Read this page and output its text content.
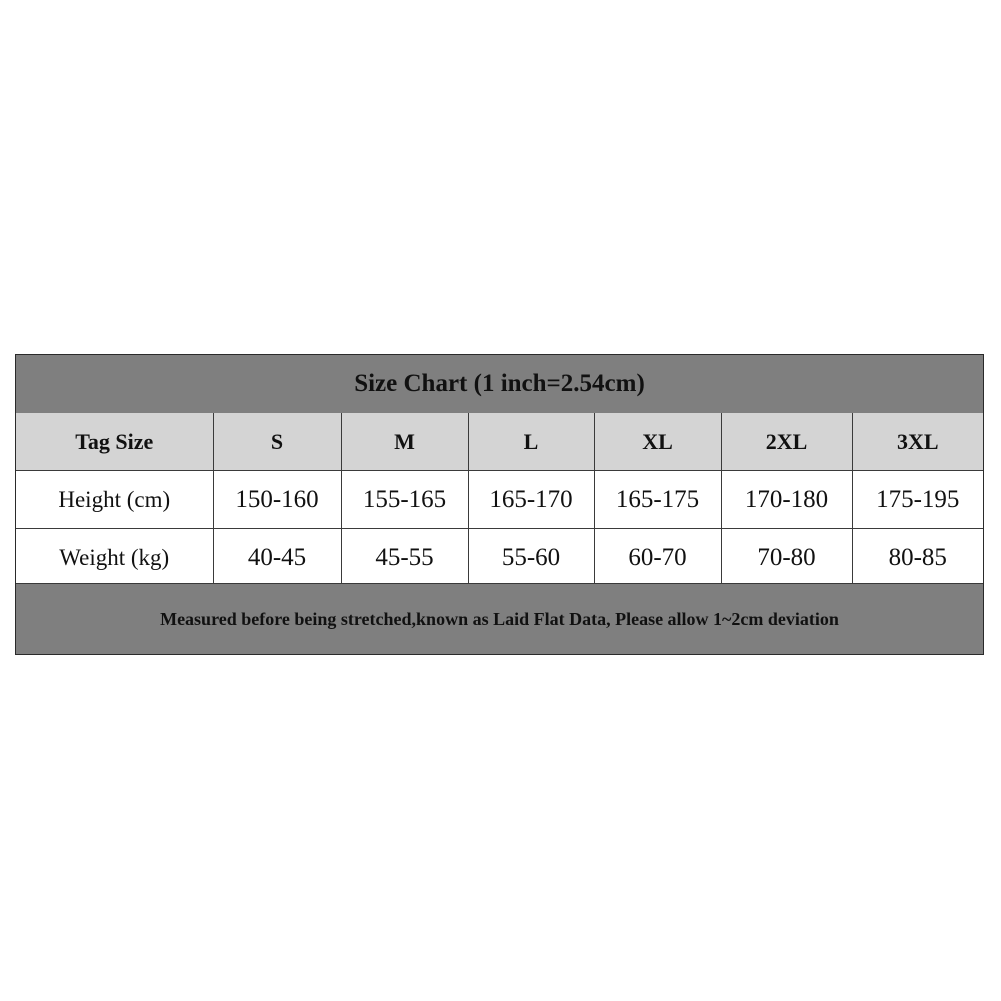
Size Chart (1 inch=2.54cm)
Tag Size	S	M	L	XL	2XL	3XL
Height (cm)	150-160	155-165	165-170	165-175	170-180	175-195
Weight (kg)	40-45	45-55	55-60	60-70	70-80	80-85
Measured before being stretched,known as Laid Flat Data, Please allow 1~2cm deviation
